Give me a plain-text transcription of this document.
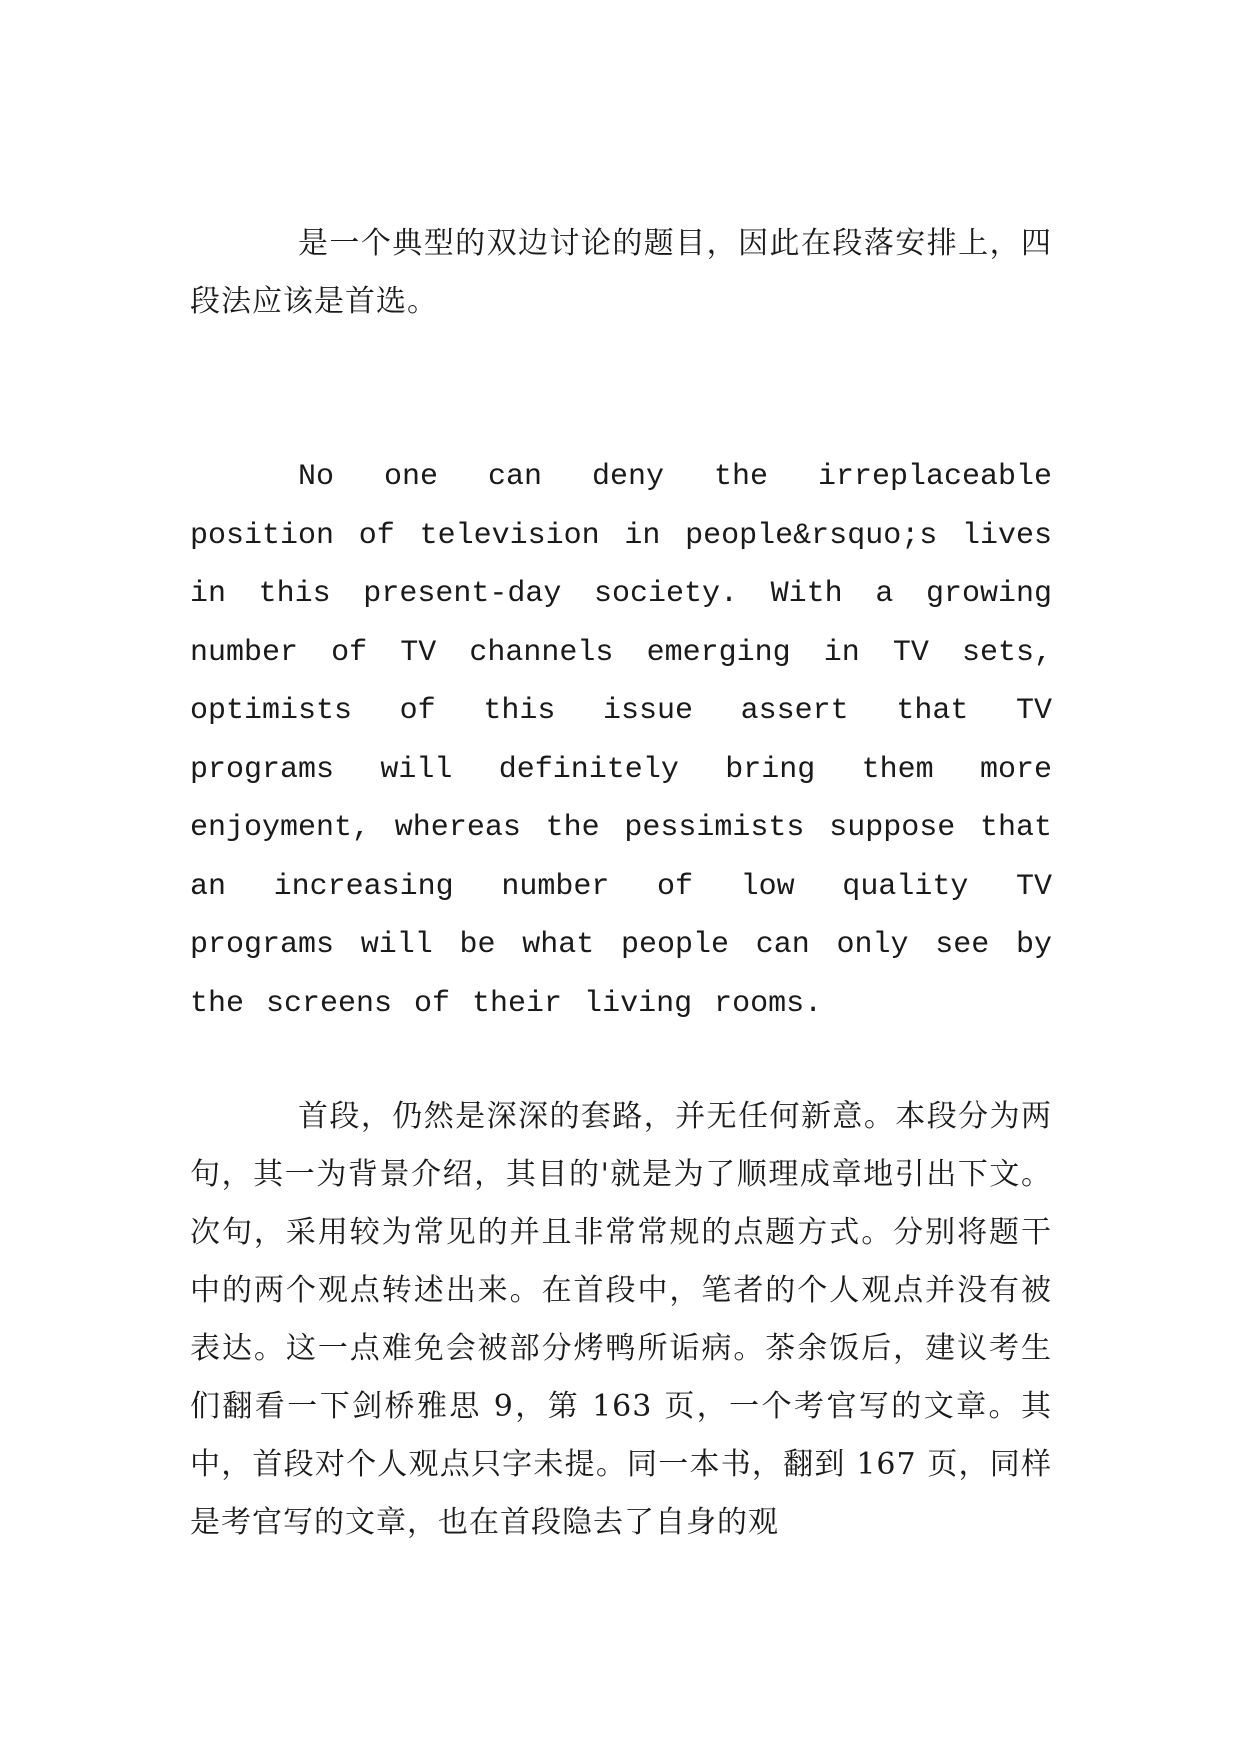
是一个典型的双边讨论的题目，因此在段落安排上，四段法应该是首选。

No one can deny the irreplaceable position of television in people&rsquo;s lives in this present-day society. With a growing number of TV channels emerging in TV sets, optimists of this issue assert that TV programs will definitely bring them more enjoyment, whereas the pessimists suppose that an increasing number of low quality TV programs will be what people can only see by the screens of their living rooms.

首段，仍然是深深的套路，并无任何新意。本段分为两句，其一为背景介绍，其目的'就是为了顺理成章地引出下文。次句，采用较为常见的并且非常常规的点题方式。分别将题干中的两个观点转述出来。在首段中，笔者的个人观点并没有被表达。这一点难免会被部分烤鸭所诟病。茶余饭后，建议考生们翻看一下剑桥雅思 9，第 163 页，一个考官写的文章。其中，首段对个人观点只字未提。同一本书，翻到 167 页，同样是考官写的文章，也在首段隐去了自身的观
